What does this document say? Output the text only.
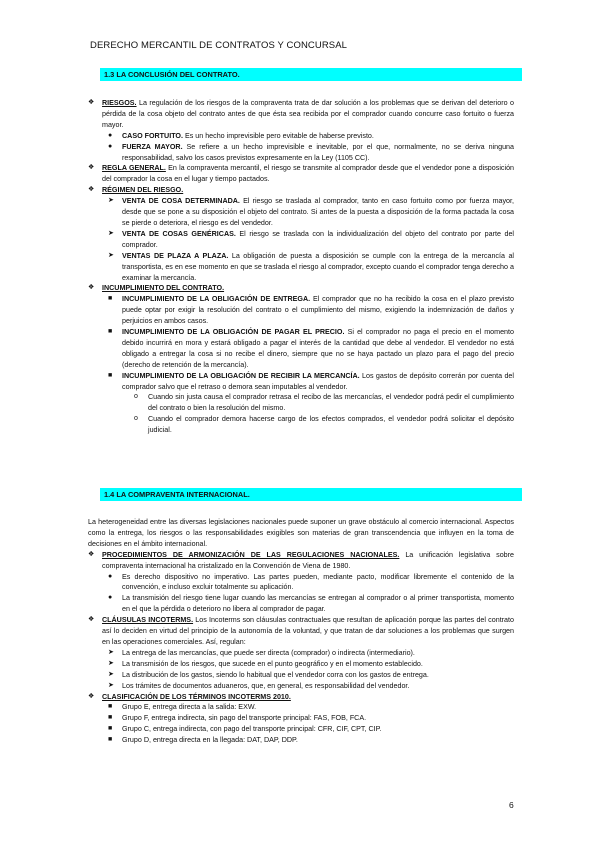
DERECHO MERCANTIL DE CONTRATOS Y CONCURSAL
1.3 LA CONCLUSIÓN DEL CONTRATO.
❖ RIESGOS. La regulación de los riesgos de la compraventa trata de dar solución a los problemas que se derivan del deterioro o pérdida de la cosa objeto del contrato antes de que ésta sea recibida por el comprador cuando concurre caso fortuito o fuerza mayor.
● CASO FORTUITO. Es un hecho imprevisible pero evitable de haberse previsto.
● FUERZA MAYOR. Se refiere a un hecho imprevisible e inevitable, por el que, normalmente, no se deriva ninguna responsabilidad, salvo los casos previstos expresamente en la Ley (1105 CC).
❖ REGLA GENERAL. En la compraventa mercantil, el riesgo se transmite al comprador desde que el vendedor pone a disposición del comprador la cosa en el lugar y tiempo pactados.
❖ RÉGIMEN DEL RIESGO.
➤ VENTA DE COSA DETERMINADA. El riesgo se traslada al comprador, tanto en caso fortuito como por fuerza mayor, desde que se pone a su disposición el objeto del contrato. Si antes de la puesta a disposición de la forma pactada la cosa se pierde o deteriora, el riesgo es del vendedor.
➤ VENTA DE COSAS GENÉRICAS. El riesgo se traslada con la individualización del objeto del contrato por parte del comprador.
➤ VENTAS DE PLAZA A PLAZA. La obligación de puesta a disposición se cumple con la entrega de la mercancía al transportista, es en ese momento en que se traslada el riesgo al comprador, excepto cuando el comprador tenga derecho a examinar la mercancía.
❖ INCUMPLIMIENTO DEL CONTRATO.
■ INCUMPLIMIENTO DE LA OBLIGACIÓN DE ENTREGA. El comprador que no ha recibido la cosa en el plazo previsto puede optar por exigir la resolución del contrato o el cumplimiento del mismo, exigiendo la indemnización de daños y perjuicios en ambos casos.
■ INCUMPLIMIENTO DE LA OBLIGACIÓN DE PAGAR EL PRECIO. Si el comprador no paga el precio en el momento debido incurrirá en mora y estará obligado a pagar el interés de la cantidad que debe al vendedor. El vendedor no está obligado a entregar la cosa si no recibe el dinero, siempre que no se haya pactado un plazo para el pago del precio (derecho de retención de la mercancía).
■ INCUMPLIMIENTO DE LA OBLIGACIÓN DE RECIBIR LA MERCANCÍA. Los gastos de depósito correrán por cuenta del comprador salvo que el retraso o demora sean imputables al vendedor.
o Cuando sin justa causa el comprador retrasa el recibo de las mercancías, el vendedor podrá pedir el cumplimiento del contrato o bien la resolución del mismo.
o Cuando el comprador demora hacerse cargo de los efectos comprados, el vendedor podrá solicitar el depósito judicial.
1.4 LA COMPRAVENTA INTERNACIONAL.
La heterogeneidad entre las diversas legislaciones nacionales puede suponer un grave obstáculo al comercio internacional. Aspectos como la entrega, los riesgos o las responsabilidades exigibles son materias de gran transcendencia que influyen en la toma de decisiones en el ámbito internacional.
❖ PROCEDIMIENTOS DE ARMONIZACIÓN DE LAS REGULACIONES NACIONALES. La unificación legislativa sobre compraventa internacional ha cristalizado en la Convención de Viena de 1980.
● Es derecho dispositivo no imperativo. Las partes pueden, mediante pacto, modificar libremente el contenido de la convención, e incluso excluir totalmente su aplicación.
● La transmisión del riesgo tiene lugar cuando las mercancías se entregan al comprador o al primer transportista, momento en el que la pérdida o deterioro no libera al comprador de pagar.
❖ CLÁUSULAS INCOTERMS. Los Incoterms son cláusulas contractuales que resultan de aplicación porque las partes del contrato así lo deciden en virtud del principio de la autonomía de la voluntad, y que tratan de dar soluciones a los problemas que surgen en las operaciones comerciales. Así, regulan:
➤ La entrega de las mercancías, que puede ser directa (comprador) o indirecta (intermediario).
➤ La transmisión de los riesgos, que sucede en el punto geográfico y en el momento establecido.
➤ La distribución de los gastos, siendo lo habitual que el vendedor corra con los gastos de entrega.
➤ Los trámites de documentos aduaneros, que, en general, es responsabilidad del vendedor.
❖ CLASIFICACIÓN DE LOS TÉRMINOS INCOTERMS 2010.
■ Grupo E, entrega directa a la salida: EXW.
■ Grupo F, entrega indirecta, sin pago del transporte principal: FAS, FOB, FCA.
■ Grupo C, entrega indirecta, con pago del transporte principal: CFR, CIF, CPT, CIP.
■ Grupo D, entrega directa en la llegada: DAT, DAP, DDP.
6
